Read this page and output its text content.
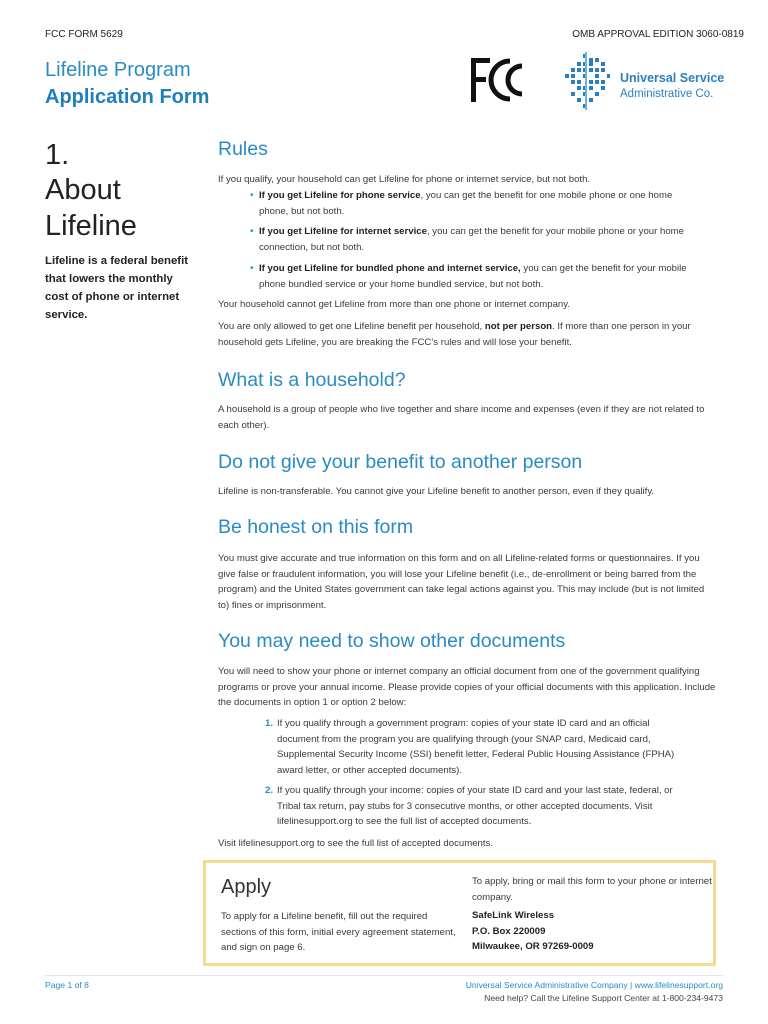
FCC FORM 5629	OMB APPROVAL EDITION 3060-0819
Lifeline Program
Application Form
Universal Service
Administrative Co.
1.
About Lifeline
Lifeline is a federal benefit that lowers the monthly cost of phone or internet service.
Rules
If you qualify, your household can get Lifeline for phone or internet service, but not both.
• If you get Lifeline for phone service, you can get the benefit for one mobile phone or one home phone, but not both.
• If you get Lifeline for internet service, you can get the benefit for your mobile phone or your home connection, but not both.
• If you get Lifeline for bundled phone and internet service, you can get the benefit for your mobile phone bundled service or your home bundled service, but not both.
Your household cannot get Lifeline from more than one phone or internet company.
You are only allowed to get one Lifeline benefit per household, not per person. If more than one person in your household gets Lifeline, you are breaking the FCC’s rules and will lose your benefit.
What is a household?
A household is a group of people who live together and share income and expenses (even if they are not related to each other).
Do not give your benefit to another person
Lifeline is non-transferable. You cannot give your Lifeline benefit to another person, even if they qualify.
Be honest on this form
You must give accurate and true information on this form and on all Lifeline-related forms or questionnaires. If you give false or fraudulent information, you will lose your Lifeline benefit (i.e., de-enrollment or being barred from the program) and the United States government can take legal actions against you. This may include (but is not limited to) fines or imprisonment.
You may need to show other documents
You will need to show your phone or internet company an official document from one of the government qualifying programs or prove your annual income. Please provide copies of your official documents with this application. Include the documents in option 1 or option 2 below:
1. If you qualify through a government program: copies of your state ID card and an official document from the program you are qualifying through (your SNAP card, Medicaid card, Supplemental Security Income (SSI) benefit letter, Federal Public Housing Assistance (FPHA) award letter, or other accepted documents).
2. If you qualify through your income: copies of your state ID card and your last state, federal, or Tribal tax return, pay stubs for 3 consecutive months, or other accepted documents. Visit lifelinesupport.org to see the full list of accepted documents.
Visit lifelinesupport.org to see the full list of accepted documents.
Apply
To apply for a Lifeline benefit, fill out the required sections of this form, initial every agreement statement, and sign on page 6.
To apply, bring or mail this form to your phone or internet company.
SafeLink Wireless
P.O. Box 220009
Milwaukee, OR 97269-0009
Page 1 of 8	Universal Service Administrative Company | www.lifelinesupport.org
Need help? Call the Lifeline Support Center at 1-800-234-9473
